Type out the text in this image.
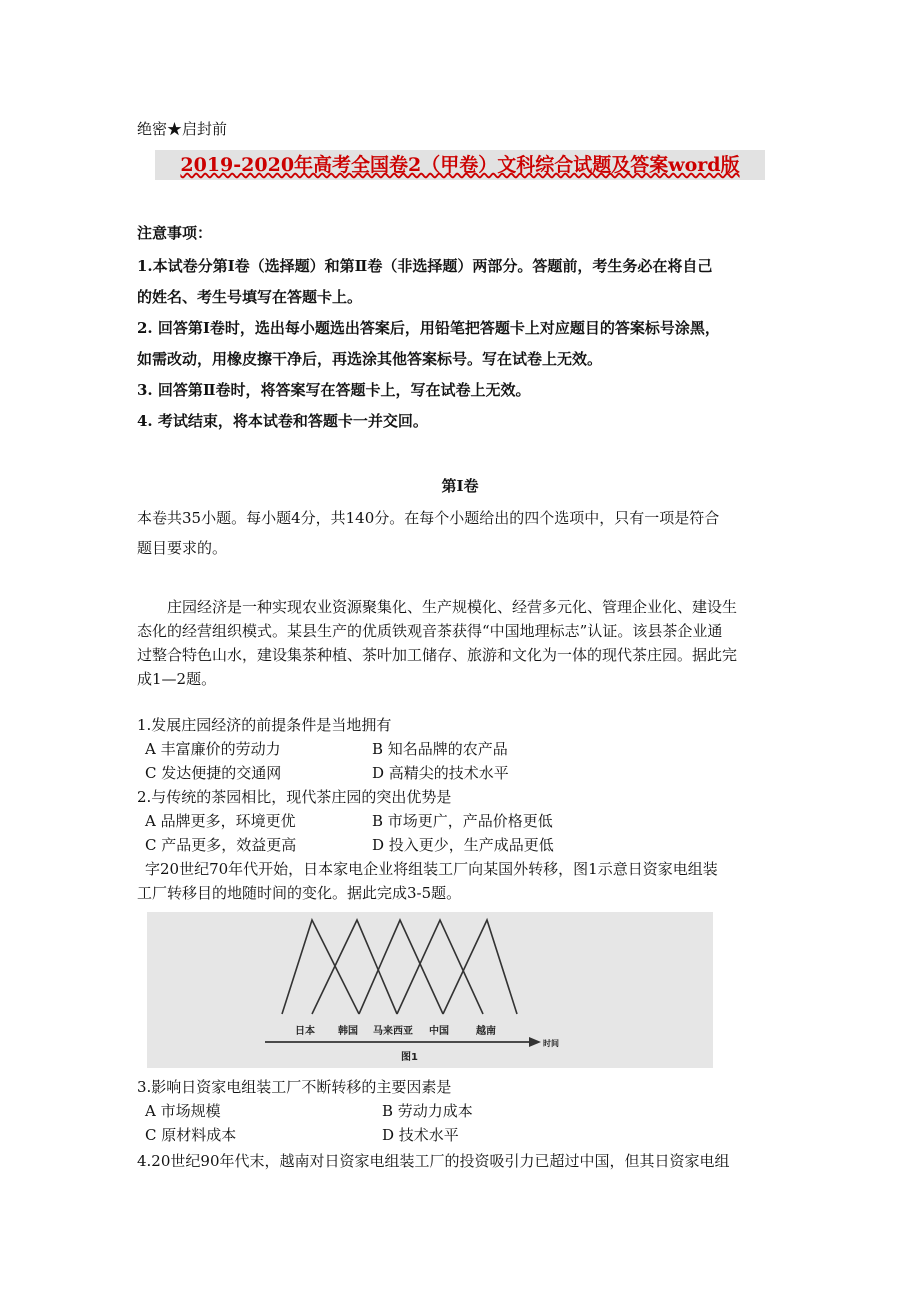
绝密★启封前
2019-2020年高考全国卷2（甲卷）文科综合试题及答案word版
注意事项：
1.本试卷分第Ⅰ卷（选择题）和第Ⅱ卷（非选择题）两部分。答题前，考生务必在将自己
的姓名、考生号填写在答题卡上。
2. 回答第Ⅰ卷时，选出每小题选出答案后，用铅笔把答题卡上对应题目的答案标号涂黑，
如需改动，用橡皮擦干净后，再选涂其他答案标号。写在试卷上无效。
3. 回答第Ⅱ卷时，将答案写在答题卡上，写在试卷上无效。
4. 考试结束，将本试卷和答题卡一并交回。
第Ⅰ卷
本卷共35小题。每小题4分，共140分。在每个小题给出的四个选项中，只有一项是符合
题目要求的。
庄园经济是一种实现农业资源聚集化、生产规模化、经营多元化、管理企业化、建设生
态化的经营组织模式。某县生产的优质铁观音茶获得“中国地理标志”认证。该县茶企业通
过整合特色山水，建设集茶种植、茶叶加工储存、旅游和文化为一体的现代茶庄园。据此完
成1—2题。
1.发展庄园经济的前提条件是当地拥有
A 丰富廉价的劳动力	B 知名品牌的农产品
C 发达便捷的交通网	D 高精尖的技术水平
2.与传统的茶园相比，现代茶庄园的突出优势是
A 品牌更多，环境更优	B 市场更广，产品价格更低
C 产品更多，效益更高	D 投入更少，生产成品更低
字20世纪70年代开始，日本家电企业将组装工厂向某国外转移，图1示意日资家电组装
工厂转移目的地随时间的变化。据此完成3-5题。
日本 韩国 马来西亚 中国	越南
时间
图1
3.影响日资家电组装工厂不断转移的主要因素是
A 市场规模	B 劳动力成本
C 原材料成本	D 技术水平
4.20世纪90年代末，越南对日资家电组装工厂的投资吸引力已超过中国，但其日资家电组
